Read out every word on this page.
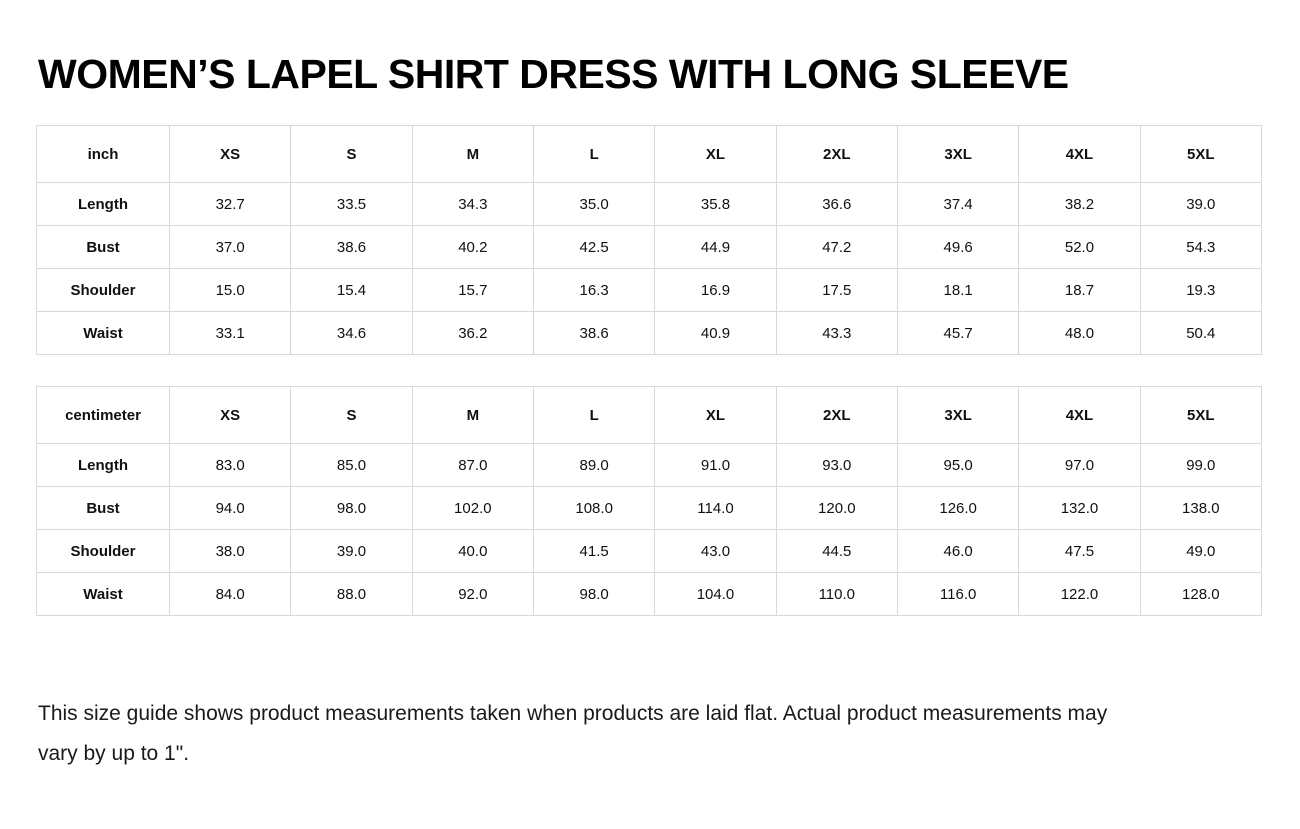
WOMEN’S LAPEL SHIRT DRESS WITH LONG SLEEVE
inch	XS	S	M	L	XL	2XL	3XL	4XL	5XL
Length	32.7	33.5	34.3	35.0	35.8	36.6	37.4	38.2	39.0
Bust	37.0	38.6	40.2	42.5	44.9	47.2	49.6	52.0	54.3
Shoulder	15.0	15.4	15.7	16.3	16.9	17.5	18.1	18.7	19.3
Waist	33.1	34.6	36.2	38.6	40.9	43.3	45.7	48.0	50.4
centimeter	XS	S	M	L	XL	2XL	3XL	4XL	5XL
Length	83.0	85.0	87.0	89.0	91.0	93.0	95.0	97.0	99.0
Bust	94.0	98.0	102.0	108.0	114.0	120.0	126.0	132.0	138.0
Shoulder	38.0	39.0	40.0	41.5	43.0	44.5	46.0	47.5	49.0
Waist	84.0	88.0	92.0	98.0	104.0	110.0	116.0	122.0	128.0

This size guide shows product measurements taken when products are laid flat. Actual product measurements may vary by up to 1".
